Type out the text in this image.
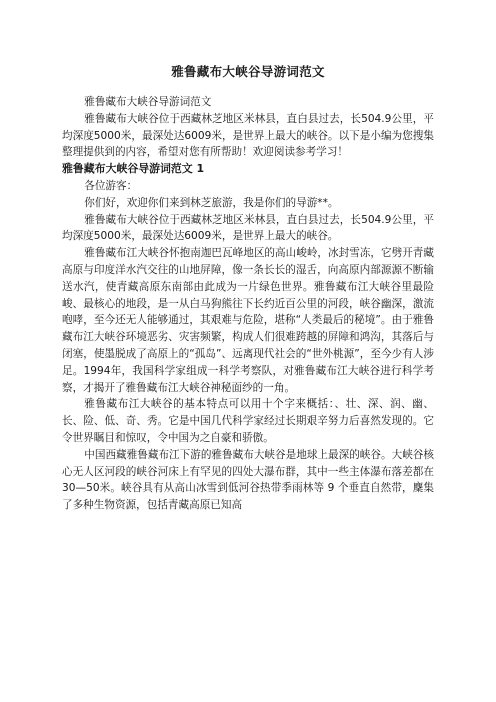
雅鲁藏布大峡谷导游词范文

雅鲁藏布大峡谷导游词范文

雅鲁藏布大峡谷位于西藏林芝地区米林县，直白县过去，长504.9公里，平均深度5000米，最深处达6009米，是世界上最大的峡谷。以下是小编为您搜集整理提供到的内容，希望对您有所帮助！欢迎阅读参考学习！

雅鲁藏布大峡谷导游词范文 1

各位游客：

你们好，欢迎你们来到林芝旅游，我是你们的导游**。

雅鲁藏布大峡谷位于西藏林芝地区米林县，直白县过去，长504.9公里，平均深度5000米，最深处达6009米，是世界上最大的峡谷。

雅鲁藏布江大峡谷怀抱南迦巴瓦峰地区的高山峻岭，冰封雪冻，它劈开青藏高原与印度洋水汽交往的山地屏障，像一条长长的湿舌，向高原内部源源不断输送水汽，使青藏高原东南部由此成为一片绿色世界。雅鲁藏布江大峡谷里最险峻、最核心的地段，是一从白马狗熊往下长约近百公里的河段，峡谷幽深，激流咆哮，至今还无人能够通过，其艰难与危险，堪称“人类最后的秘境”。由于雅鲁藏布江大峡谷环境恶劣、灾害频繁，构成人们很难跨越的屏障和鸿沟，其落后与闭塞，使墨脱成了高原上的“孤岛”、远离现代社会的“世外桃源”，至今少有人涉足。1994年，我国科学家组成一科学考察队，对雅鲁藏布江大峡谷进行科学考察，才揭开了雅鲁藏布江大峡谷神秘面纱的一角。

雅鲁藏布江大峡谷的基本特点可以用十个字来概括：、壮、深、润、幽、长、险、低、奇、秀。它是中国几代科学家经过长期艰辛努力后喜然发现的。它令世界瞩目和惊叹，令中国为之自豪和骄傲。

中国西藏雅鲁藏布江下游的雅鲁藏布大峡谷是地球上最深的峡谷。大峡谷核心无人区河段的峡谷河床上有罕见的四处大瀑布群，其中一些主体瀑布落差都在30—50米。峡谷具有从高山冰雪到低河谷热带季雨林等 9 个垂直自然带，麇集了多种生物资源，包括青藏高原已知高
